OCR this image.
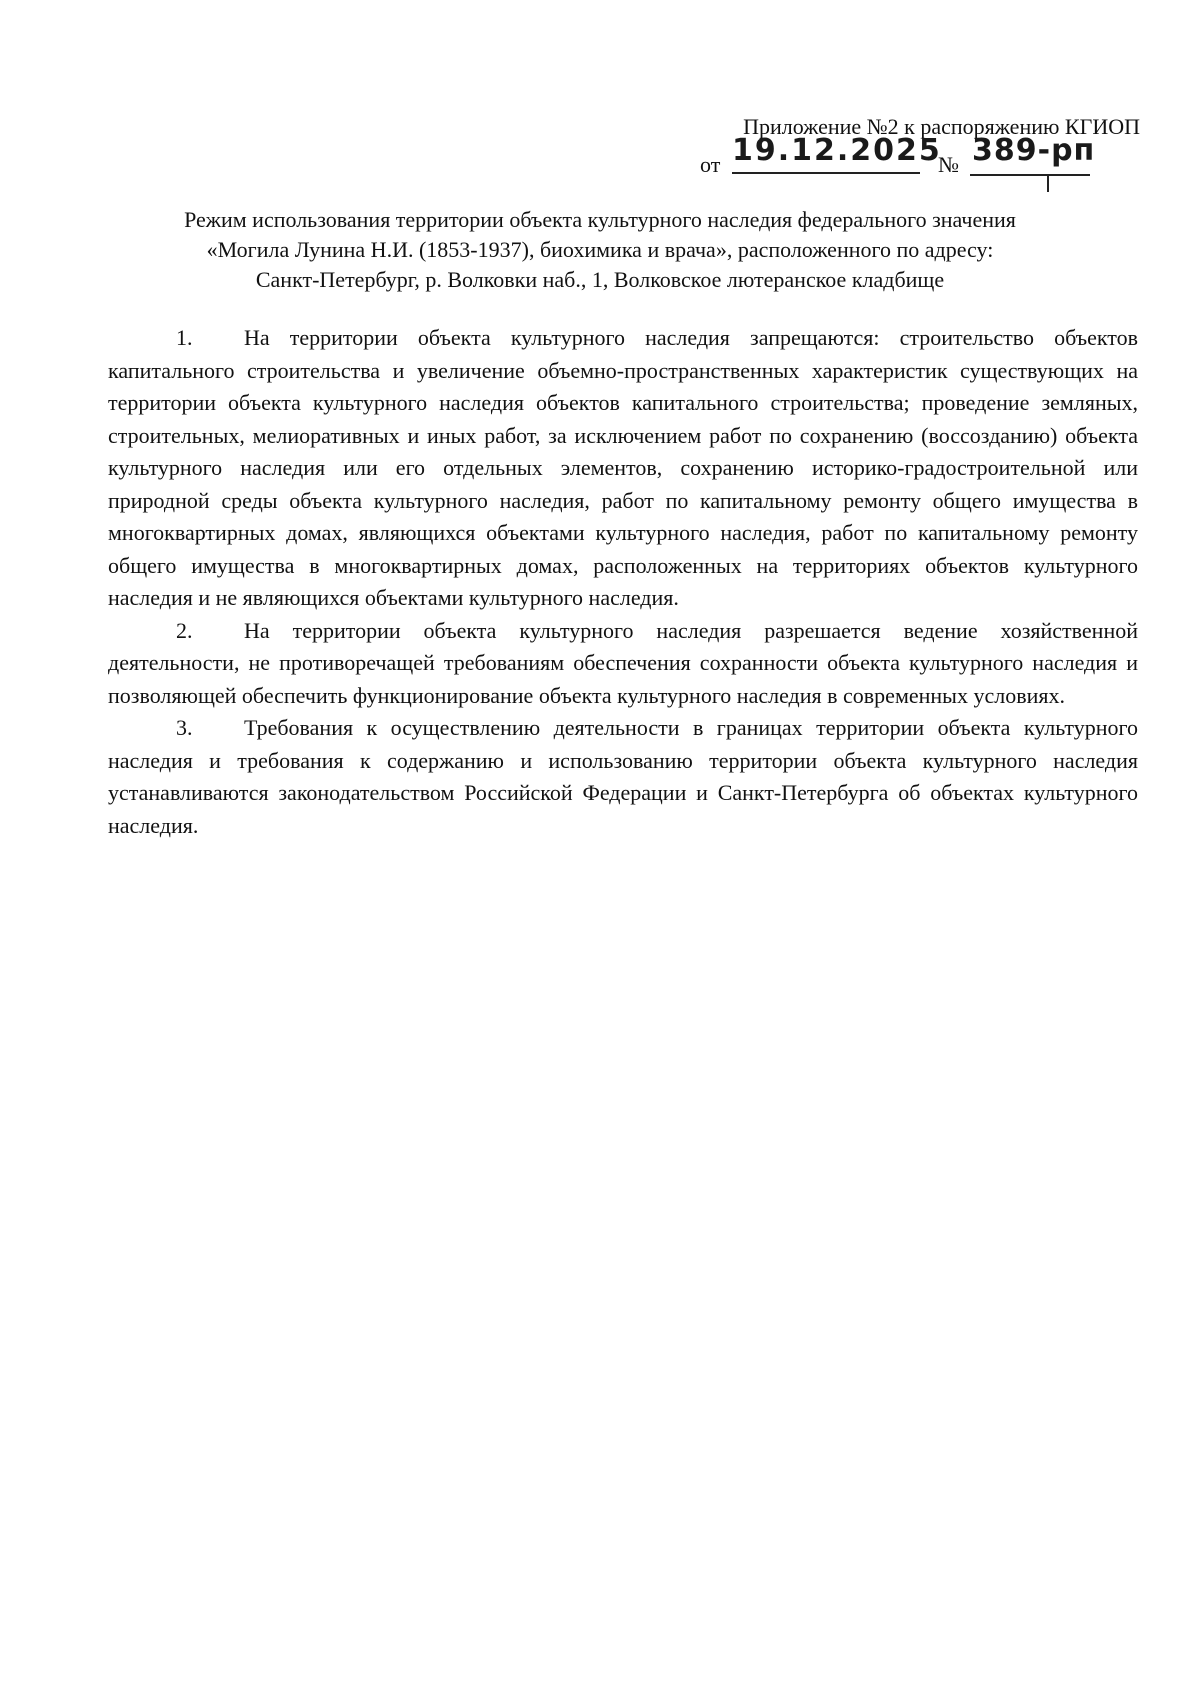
Приложение №2 к распоряжению КГИОП
от 19.12.2025
№ 389-рп
Режим использования территории объекта культурного наследия федерального значения
«Могила Лунина Н.И. (1853-1937), биохимика и врача», расположенного по адресу:
Санкт-Петербург, р. Волковки наб., 1, Волковское лютеранское кладбище

1. На территории объекта культурного наследия запрещаются: строительство объектов капитального строительства и увеличение объемно-пространственных характеристик существующих на территории объекта культурного наследия объектов капитального строительства; проведение земляных, строительных, мелиоративных и иных работ, за исключением работ по сохранению (воссозданию) объекта культурного наследия или его отдельных элементов, сохранению историко-градостроительной или природной среды объекта культурного наследия, работ по капитальному ремонту общего имущества в многоквартирных домах, являющихся объектами культурного наследия, работ по капитальному ремонту общего имущества в многоквартирных домах, расположенных на территориях объектов культурного наследия и не являющихся объектами культурного наследия.

2. На территории объекта культурного наследия разрешается ведение хозяйственной деятельности, не противоречащей требованиям обеспечения сохранности объекта культурного наследия и позволяющей обеспечить функционирование объекта культурного наследия в современных условиях.

3. Требования к осуществлению деятельности в границах территории объекта культурного наследия и требования к содержанию и использованию территории объекта культурного наследия устанавливаются законодательством Российской Федерации и Санкт-Петербурга об объектах культурного наследия.
